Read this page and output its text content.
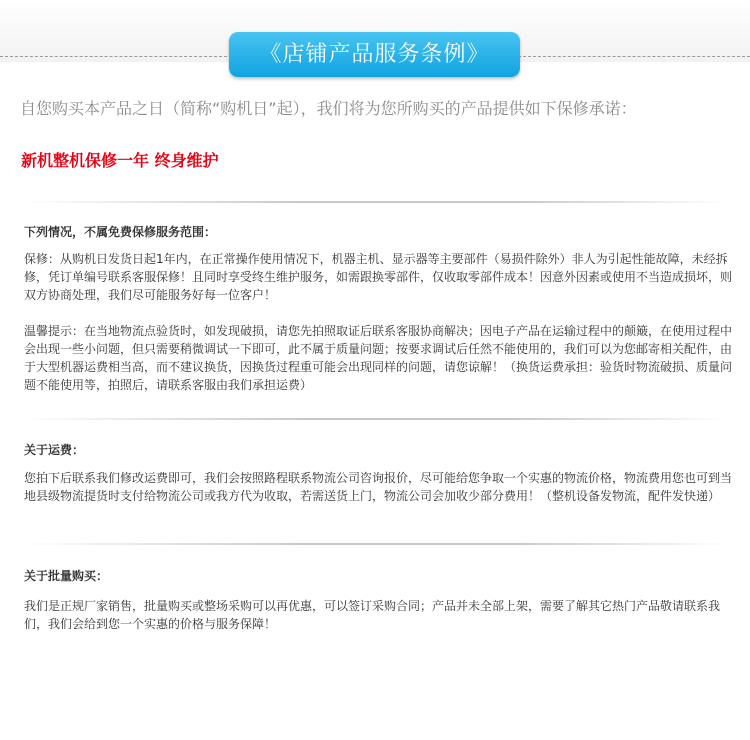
《店铺产品服务条例》
自您购买本产品之日（简称“购机日”起），我们将为您所购买的产品提供如下保修承诺：
新机整机保修一年 终身维护
下列情况，不属免费保修服务范围：

保修：从购机日发货日起1年内，在正常操作使用情况下，机器主机、显示器等主要部件（易损件除外）非人为引起性能故障，未经拆修，凭订单编号联系客服保修！且同时享受终生维护服务，如需跟换零部件，仅收取零部件成本！因意外因素或使用不当造成损坏，则双方协商处理，我们尽可能服务好每一位客户！

温馨提示：在当地物流点验货时，如发现破损，请您先拍照取证后联系客服协商解决；因电子产品在运输过程中的颠簸，在使用过程中会出现一些小问题，但只需要稍微调试一下即可，此不属于质量问题；按要求调试后任然不能使用的，我们可以为您邮寄相关配件，由于大型机器运费相当高，而不建议换货，因换货过程重可能会出现同样的问题，请您谅解！（换货运费承担：验货时物流破损、质量问题不能使用等，拍照后，请联系客服由我们承担运费）

关于运费：

您拍下后联系我们修改运费即可，我们会按照路程联系物流公司咨询报价，尽可能给您争取一个实惠的物流价格，物流费用您也可到当地县级物流提货时支付给物流公司或我方代为收取，若需送货上门，物流公司会加收少部分费用！（整机设备发物流，配件发快递）

关于批量购买：

我们是正规厂家销售，批量购买或整场采购可以再优惠，可以签订采购合同；产品并未全部上架，需要了解其它热门产品敬请联系我们，我们会给到您一个实惠的价格与服务保障！
